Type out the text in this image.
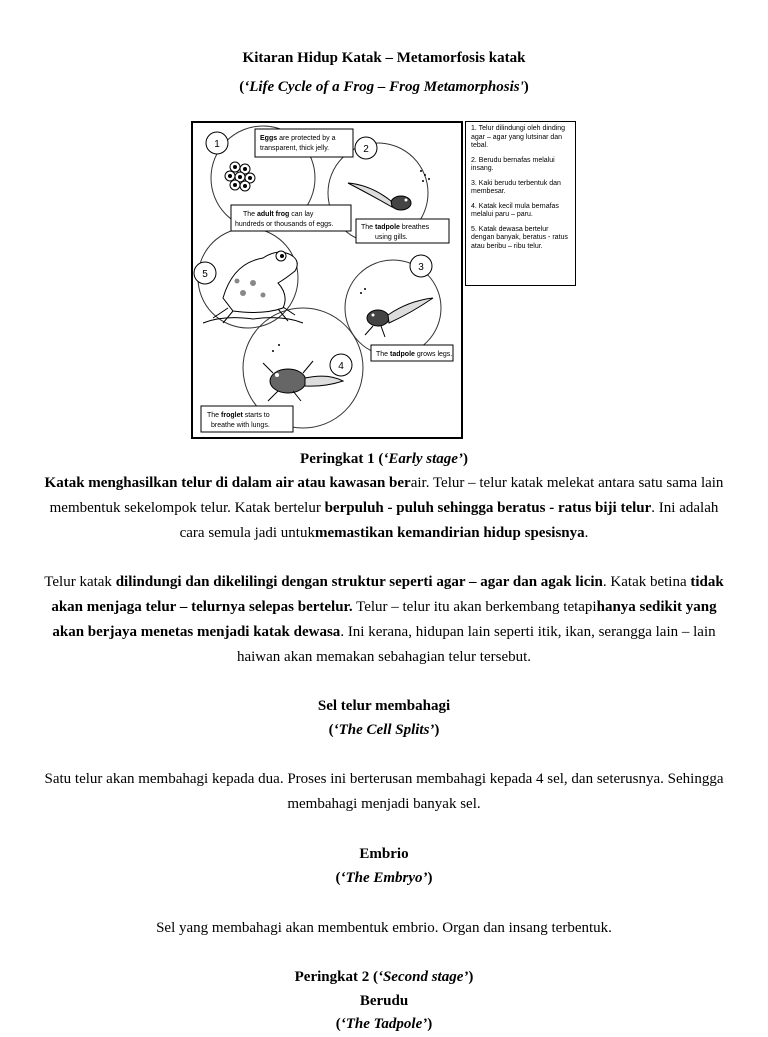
Kitaran Hidup Katak – Metamorfosis katak
(‘Life Cycle of a Frog – Frog Metamorphosis')
1	2
3
4
5
Eggs are protected by a
transparent, thick jelly.
The tadpole breathes
using gills.
The adult frog can lay
hundreds or thousands of eggs.
The tadpole grows legs.
The froglet starts to
breathe with lungs.

1. Telur dilindungi oleh dinding agar – agar yang lutsinar dan tebal.

2. Berudu bernafas melalui insang.

3. Kaki berudu terbentuk dan membesar.

4. Katak kecil mula bernafas melalui paru – paru.

5. Katak dewasa bertelur dengan banyak, beratus - ratus atau beribu – ribu telur.

Peringkat 1 (‘Early stage’)
Katak menghasilkan telur di dalam air atau kawasan berair. Telur – telur katak melekat antara satu sama lain membentuk sekelompok telur. Katak bertelur berpuluh - puluh sehingga beratus - ratus biji telur. Ini adalah cara semula jadi untukmemastikan kemandirian hidup spesisnya.
Telur katak dilindungi dan dikelilingi dengan struktur seperti agar – agar dan agak licin. Katak betina tidak akan menjaga telur – telurnya selepas bertelur. Telur – telur itu akan berkembang tetapihanya sedikit yang akan berjaya menetas menjadi katak dewasa. Ini kerana, hidupan lain seperti itik, ikan, serangga lain – lain haiwan akan memakan sebahagian telur tersebut.
Sel telur membahagi
(‘The Cell Splits’)
Satu telur akan membahagi kepada dua. Proses ini berterusan membahagi kepada 4 sel, dan seterusnya. Sehingga membahagi menjadi banyak sel.
Embrio
(‘The Embryo’)
Sel yang membahagi akan membentuk embrio. Organ dan insang terbentuk.
Peringkat 2 (‘Second stage’)
Berudu
(‘The Tadpole’)
